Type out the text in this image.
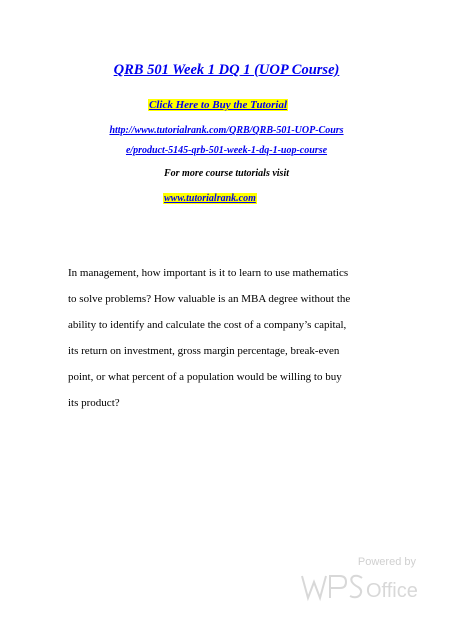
QRB 501 Week 1 DQ 1 (UOP Course)
Click Here to Buy the Tutorial
http://www.tutorialrank.com/QRB/QRB-501-UOP-Cours
e/product-5145-qrb-501-week-1-dq-1-uop-course
For more course tutorials visit
www.tutorialrank.com
In management, how important is it to learn to use mathematics
to solve problems? How valuable is an MBA degree without the
ability to identify and calculate the cost of a company’s capital,
its return on investment, gross margin percentage, break-even
point, or what percent of a population would be willing to buy
its product?
Powered by
Office
